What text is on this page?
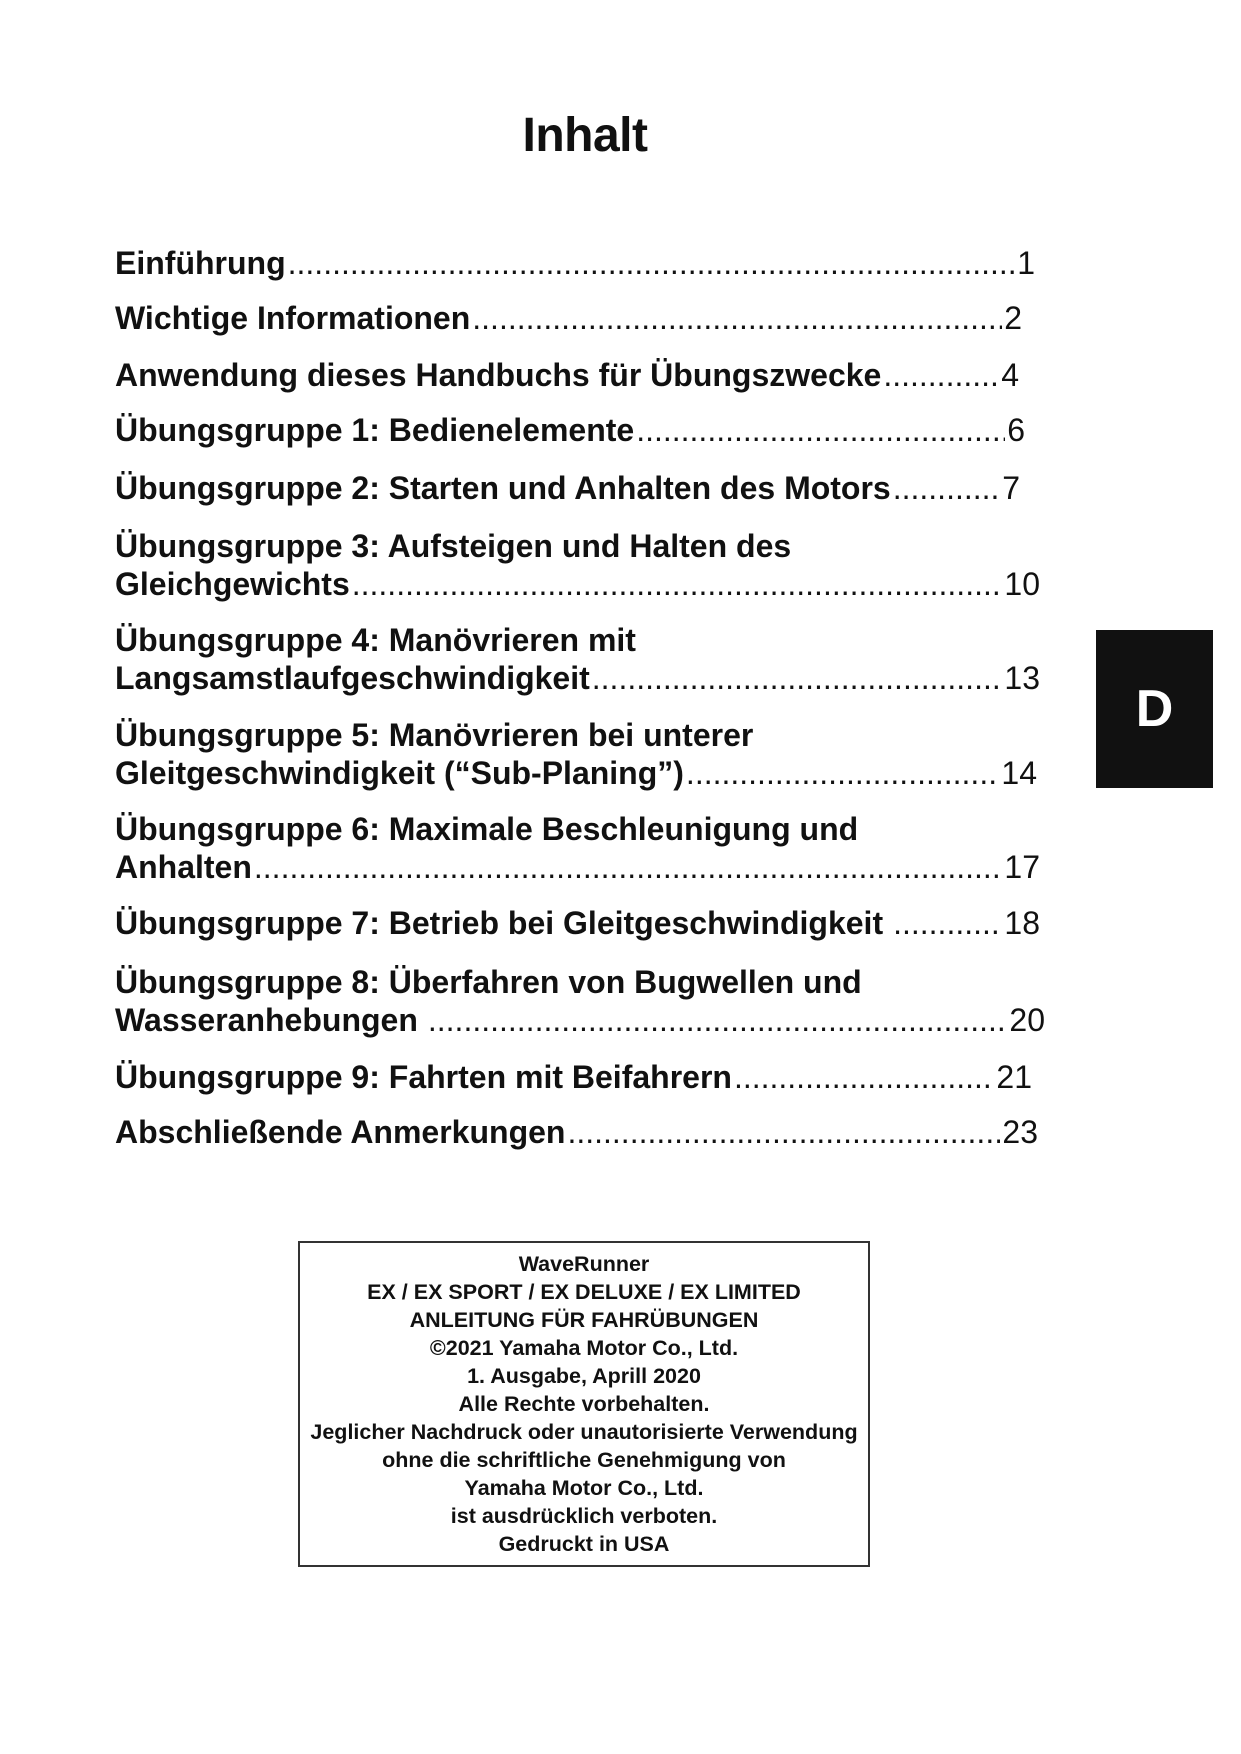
Inhalt
Einführung .....	1
Wichtige Informationen .....	2
Anwendung dieses Handbuchs für Übungszwecke .....	4
Übungsgruppe 1: Bedienelemente .....	6
Übungsgruppe 2: Starten und Anhalten des Motors .....	7
Übungsgruppe 3: Aufsteigen und Halten des
Gleichgewichts .....	10
Übungsgruppe 4: Manövrieren mit
Langsamstlaufgeschwindigkeit .....	13
Übungsgruppe 5: Manövrieren bei unterer
Gleitgeschwindigkeit (“Sub-Planing”) .....	14
Übungsgruppe 6: Maximale Beschleunigung und
Anhalten .....	17
Übungsgruppe 7: Betrieb bei Gleitgeschwindigkeit .....	18
Übungsgruppe 8: Überfahren von Bugwellen und
Wasseranhebungen .....	20
Übungsgruppe 9: Fahrten mit Beifahrern .....	21
Abschließende Anmerkungen .....	23
D
WaveRunner
EX / EX SPORT / EX DELUXE / EX LIMITED
ANLEITUNG FÜR FAHRÜBUNGEN
©2021 Yamaha Motor Co., Ltd.
1. Ausgabe, Aprill 2020
Alle Rechte vorbehalten.
Jeglicher Nachdruck oder unautorisierte Verwendung
ohne die schriftliche Genehmigung von
Yamaha Motor Co., Ltd.
ist ausdrücklich verboten.
Gedruckt in USA
